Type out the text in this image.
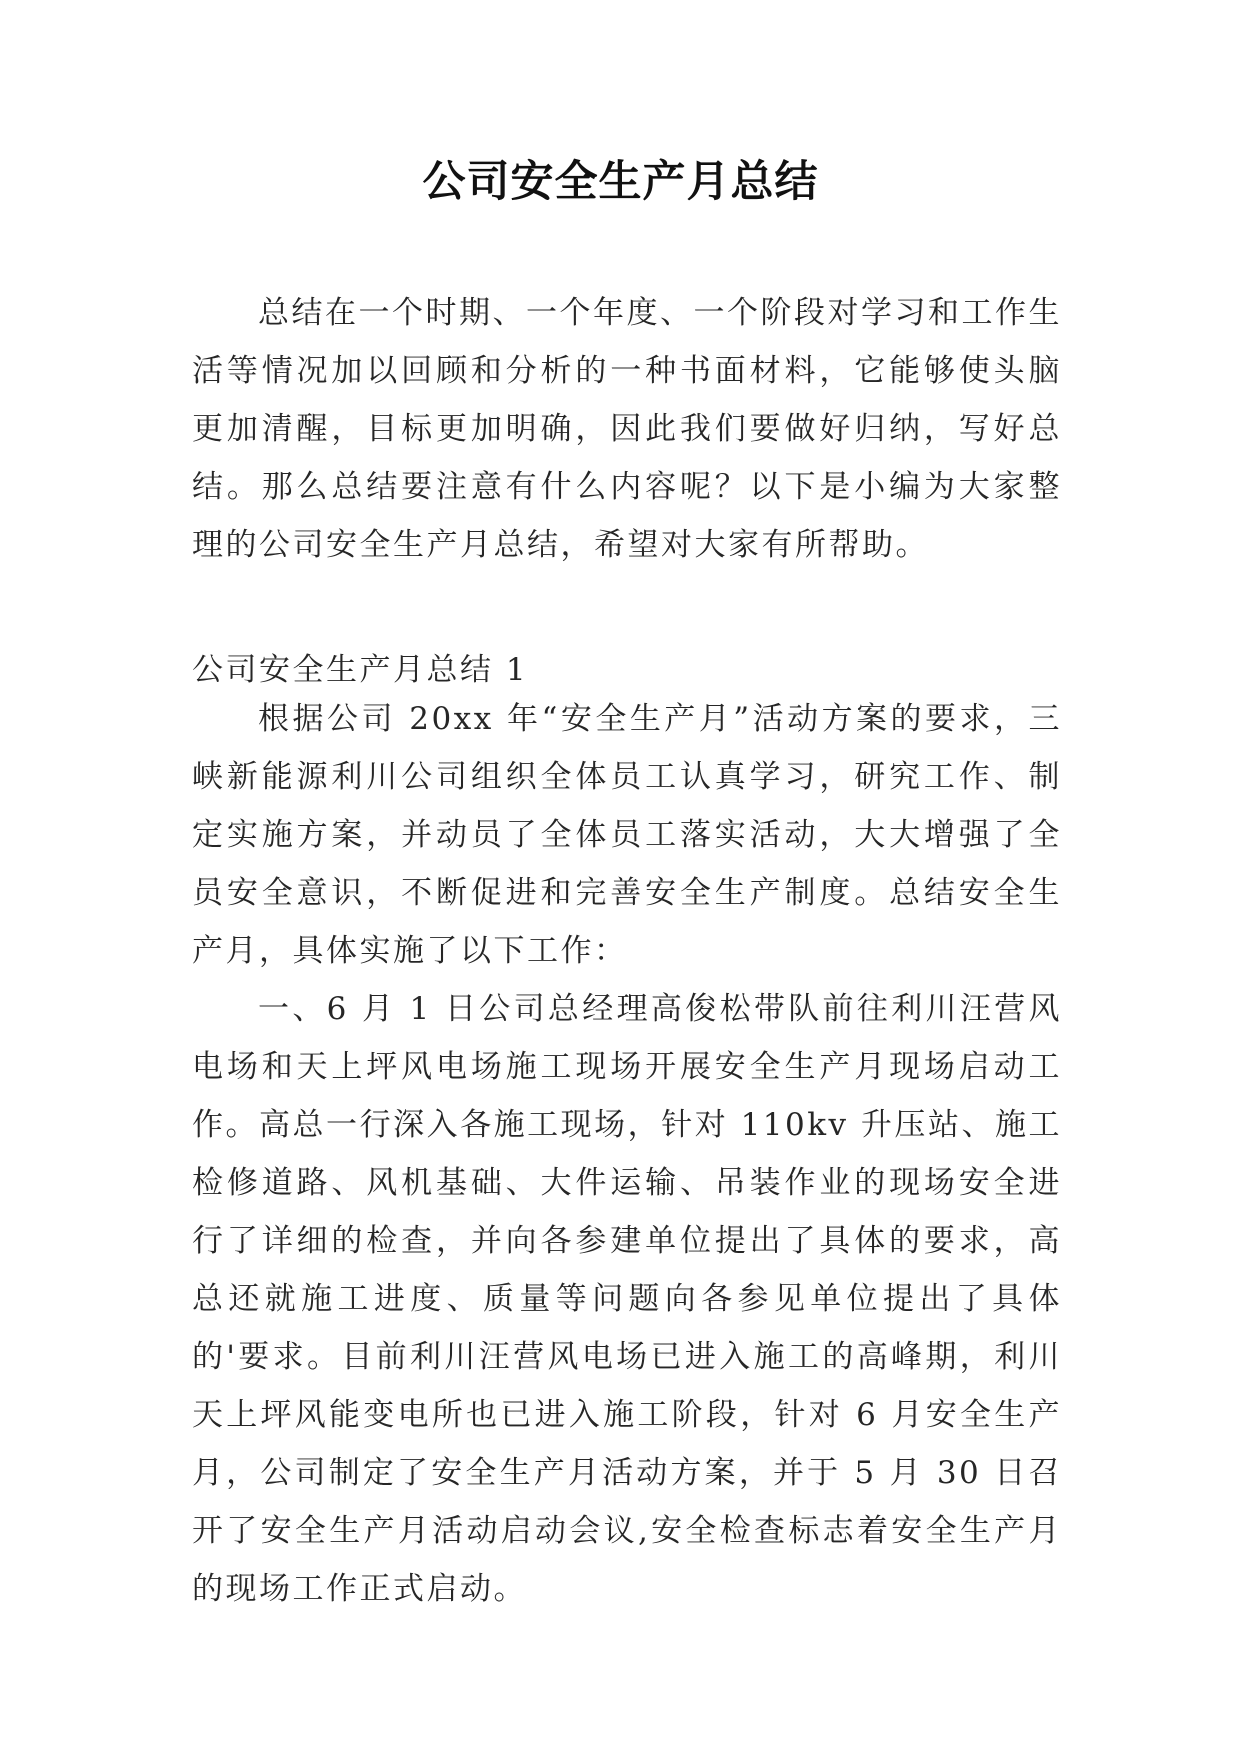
公司安全生产月总结

总结在一个时期、一个年度、一个阶段对学习和工作生活等情况加以回顾和分析的一种书面材料，它能够使头脑更加清醒，目标更加明确，因此我们要做好归纳，写好总结。那么总结要注意有什么内容呢？以下是小编为大家整理的公司安全生产月总结，希望对大家有所帮助。

公司安全生产月总结 1

根据公司 20xx 年“安全生产月”活动方案的要求，三峡新能源利川公司组织全体员工认真学习，研究工作、制定实施方案，并动员了全体员工落实活动，大大增强了全员安全意识，不断促进和完善安全生产制度。总结安全生产月，具体实施了以下工作：

一、6 月 1 日公司总经理高俊松带队前往利川汪营风电场和天上坪风电场施工现场开展安全生产月现场启动工作。高总一行深入各施工现场，针对 110kv 升压站、施工检修道路、风机基础、大件运输、吊装作业的现场安全进行了详细的检查，并向各参建单位提出了具体的要求，高总还就施工进度、质量等问题向各参见单位提出了具体的'要求。目前利川汪营风电场已进入施工的高峰期，利川天上坪风能变电所也已进入施工阶段，针对 6 月安全生产月，公司制定了安全生产月活动方案，并于 5 月 30 日召开了安全生产月活动启动会议,安全检查标志着安全生产月的现场工作正式启动。
